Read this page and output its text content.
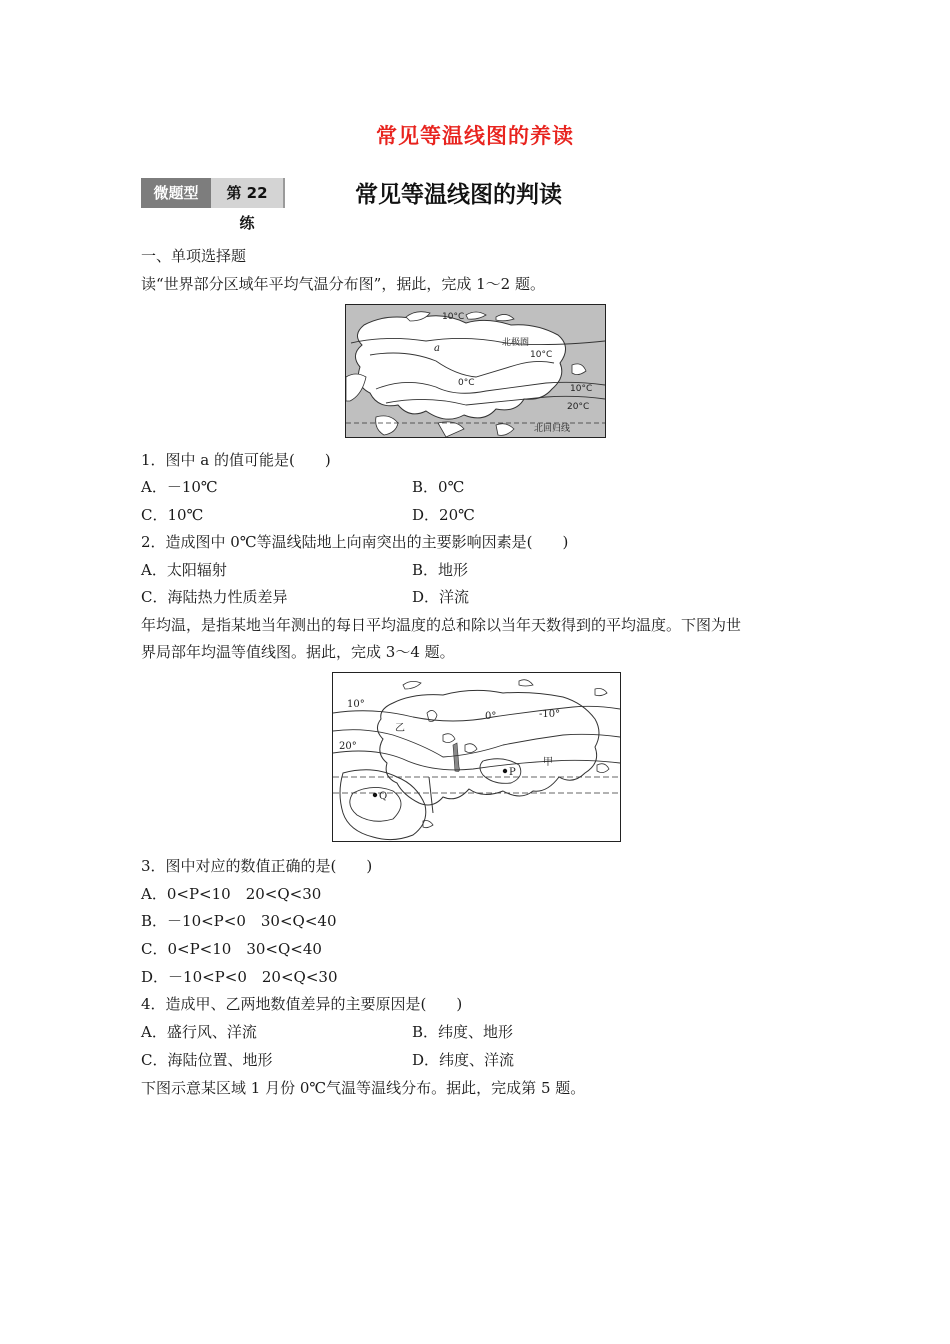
常见等温线图的养读
微题型	第 22 练
常见等温线图的判读
一、单项选择题
读“世界部分区域年平均气温分布图”，据此，完成 1～2 题。
10°C
北极圈
a
10°C
0°C
10°C
20°C
北回归线
1．图中 a 的值可能是(　　)
A．－10℃	B．0℃
C．10℃	D．20℃
2．造成图中 0℃等温线陆地上向南突出的主要影响因素是(　　)
A．太阳辐射	B．地形
C．海陆热力性质差异	D．洋流
年均温，是指某地当年测出的每日平均温度的总和除以当年天数得到的平均温度。下图为世
界局部年均温等值线图。据此，完成 3～4 题。
10°
0°	-10°
20°
乙
P
甲
Q
3．图中对应的数值正确的是(　　)
A．0<P<10　20<Q<30
B．－10<P<0　30<Q<40
C．0<P<10　30<Q<40
D．－10<P<0　20<Q<30
4．造成甲、乙两地数值差异的主要原因是(　　)
A．盛行风、洋流	B．纬度、地形
C．海陆位置、地形	D．纬度、洋流
下图示意某区域 1 月份 0℃气温等温线分布。据此，完成第 5 题。
